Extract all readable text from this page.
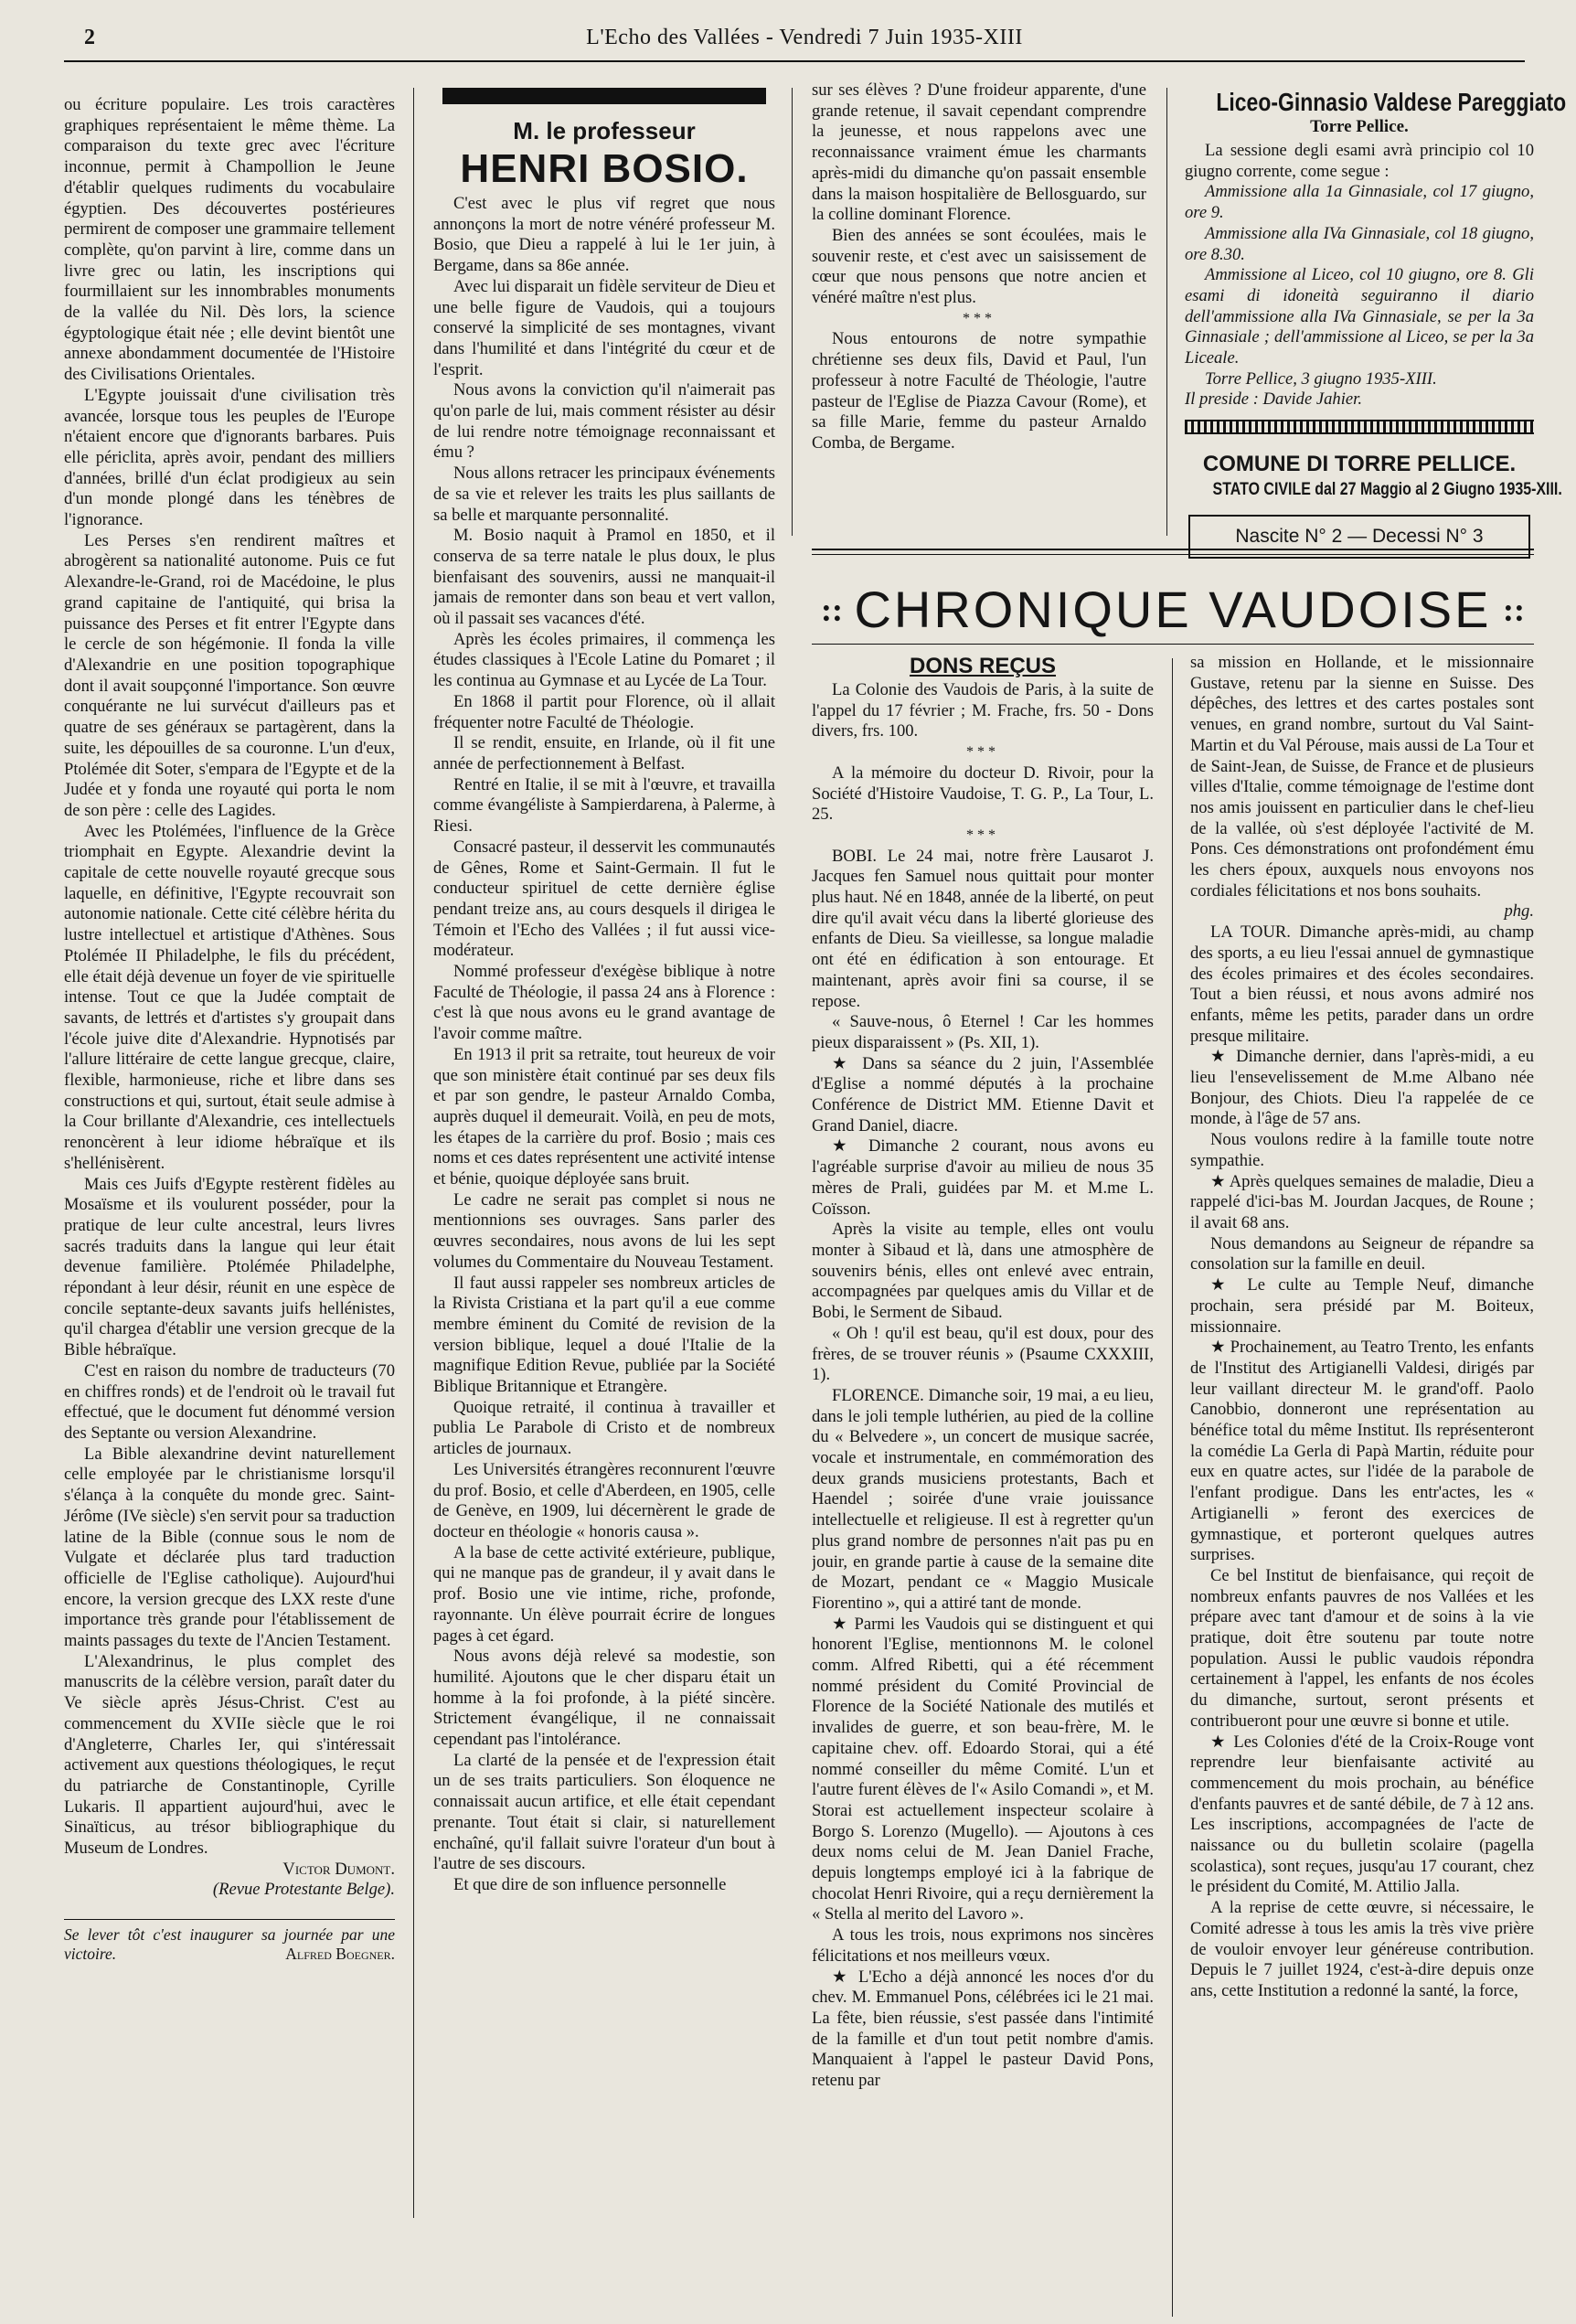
2	L'Echo des Vallées - Vendredi 7 Juin 1935-XIII

ou écriture populaire. Les trois caractères graphiques représentaient le même thème. La comparaison du texte grec avec l'écriture inconnue, permit à Champollion le Jeune d'établir quelques rudiments du vocabulaire égyptien. Des découvertes postérieures permirent de composer une grammaire tellement complète, qu'on parvint à lire, comme dans un livre grec ou latin, les inscriptions qui fourmillaient sur les innombrables monuments de la vallée du Nil. Dès lors, la science égyptologique était née ; elle devint bientôt une annexe abondamment documentée de l'Histoire des Civilisations Orientales.

L'Egypte jouissait d'une civilisation très avancée, lorsque tous les peuples de l'Europe n'étaient encore que d'ignorants barbares. Puis elle périclita, après avoir, pendant des milliers d'années, brillé d'un éclat prodigieux au sein d'un monde plongé dans les ténèbres de l'ignorance.

Les Perses s'en rendirent maîtres et abrogèrent sa nationalité autonome. Puis ce fut Alexandre-le-Grand, roi de Macédoine, le plus grand capitaine de l'antiquité, qui brisa la puissance des Perses et fit entrer l'Egypte dans le cercle de son hégémonie. Il fonda la ville d'Alexandrie en une position topographique dont il avait soupçonné l'importance. Son œuvre conquérante ne lui survécut d'ailleurs pas et quatre de ses généraux se partagèrent, dans la suite, les dépouilles de sa couronne. L'un d'eux, Ptolémée dit Soter, s'empara de l'Egypte et de la Judée et y fonda une royauté qui porta le nom de son père : celle des Lagides.

Avec les Ptolémées, l'influence de la Grèce triomphait en Egypte. Alexandrie devint la capitale de cette nouvelle royauté grecque sous laquelle, en définitive, l'Egypte recouvrait son autonomie nationale. Cette cité célèbre hérita du lustre intellectuel et artistique d'Athènes. Sous Ptolémée II Philadelphe, le fils du précédent, elle était déjà devenue un foyer de vie spirituelle intense. Tout ce que la Judée comptait de savants, de lettrés et d'artistes s'y groupait dans l'école juive dite d'Alexandrie. Hypnotisés par l'allure littéraire de cette langue grecque, claire, flexible, harmonieuse, riche et libre dans ses constructions et qui, surtout, était seule admise à la Cour brillante d'Alexandrie, ces intellectuels renoncèrent à leur idiome hébraïque et ils s'hellénisèrent.

Mais ces Juifs d'Egypte restèrent fidèles au Mosaïsme et ils voulurent posséder, pour la pratique de leur culte ancestral, leurs livres sacrés traduits dans la langue qui leur était devenue familière. Ptolémée Philadelphe, répondant à leur désir, réunit en une espèce de concile septante-deux savants juifs hellénistes, qu'il chargea d'établir une version grecque de la Bible hébraïque.

C'est en raison du nombre de traducteurs (70 en chiffres ronds) et de l'endroit où le travail fut effectué, que le document fut dénommé version des Septante ou version Alexandrine.

La Bible alexandrine devint naturellement celle employée par le christianisme lorsqu'il s'élança à la conquête du monde grec. Saint-Jérôme (IVe siècle) s'en servit pour sa traduction latine de la Bible (connue sous le nom de Vulgate et déclarée plus tard traduction officielle de l'Eglise catholique). Aujourd'hui encore, la version grecque des LXX reste d'une importance très grande pour l'établissement de maints passages du texte de l'Ancien Testament.

L'Alexandrinus, le plus complet des manuscrits de la célèbre version, paraît dater du Ve siècle après Jésus-Christ. C'est au commencement du XVIIe siècle que le roi d'Angleterre, Charles Ier, qui s'intéressait activement aux questions théologiques, le reçut du patriarche de Constantinople, Cyrille Lukaris. Il appartient aujourd'hui, avec le Sinaïticus, au trésor bibliographique du Museum de Londres.

Victor Dumont.

(Revue Protestante Belge).

Se lever tôt c'est inaugurer sa journée par une victoire.	Alfred Boegner.

M. le professeur

HENRI BOSIO.

C'est avec le plus vif regret que nous annonçons la mort de notre vénéré professeur M. Bosio, que Dieu a rappelé à lui le 1er juin, à Bergame, dans sa 86e année.

Avec lui disparait un fidèle serviteur de Dieu et une belle figure de Vaudois, qui a toujours conservé la simplicité de ses montagnes, vivant dans l'humilité et dans l'intégrité du cœur et de l'esprit.

Nous avons la conviction qu'il n'aimerait pas qu'on parle de lui, mais comment résister au désir de lui rendre notre témoignage reconnaissant et ému ?

Nous allons retracer les principaux événements de sa vie et relever les traits les plus saillants de sa belle et marquante personnalité.

M. Bosio naquit à Pramol en 1850, et il conserva de sa terre natale le plus doux, le plus bienfaisant des souvenirs, aussi ne manquait-il jamais de remonter dans son beau et vert vallon, où il passait ses vacances d'été.

Après les écoles primaires, il commença les études classiques à l'Ecole Latine du Pomaret ; il les continua au Gymnase et au Lycée de La Tour.

En 1868 il partit pour Florence, où il allait fréquenter notre Faculté de Théologie.

Il se rendit, ensuite, en Irlande, où il fit une année de perfectionnement à Belfast.

Rentré en Italie, il se mit à l'œuvre, et travailla comme évangéliste à Sampierdarena, à Palerme, à Riesi.

Consacré pasteur, il desservit les communautés de Gênes, Rome et Saint-Germain. Il fut le conducteur spirituel de cette dernière église pendant treize ans, au cours desquels il dirigea le Témoin et l'Echo des Vallées ; il fut aussi vice-modérateur.

Nommé professeur d'exégèse biblique à notre Faculté de Théologie, il passa 24 ans à Florence : c'est là que nous avons eu le grand avantage de l'avoir comme maître.

En 1913 il prit sa retraite, tout heureux de voir que son ministère était continué par ses deux fils et par son gendre, le pasteur Arnaldo Comba, auprès duquel il demeurait. Voilà, en peu de mots, les étapes de la carrière du prof. Bosio ; mais ces noms et ces dates représentent une activité intense et bénie, quoique déployée sans bruit.

Le cadre ne serait pas complet si nous ne mentionnions ses ouvrages. Sans parler des œuvres secondaires, nous avons de lui les sept volumes du Commentaire du Nouveau Testament.

Il faut aussi rappeler ses nombreux articles de la Rivista Cristiana et la part qu'il a eue comme membre éminent du Comité de revision de la version biblique, lequel a doué l'Italie de la magnifique Edition Revue, publiée par la Société Biblique Britannique et Etrangère.

Quoique retraité, il continua à travailler et publia Le Parabole di Cristo et de nombreux articles de journaux.

Les Universités étrangères reconnurent l'œuvre du prof. Bosio, et celle d'Aberdeen, en 1905, celle de Genève, en 1909, lui décernèrent le grade de docteur en théologie « honoris causa ».

A la base de cette activité extérieure, publique, qui ne manque pas de grandeur, il y avait dans le prof. Bosio une vie intime, riche, profonde, rayonnante. Un élève pourrait écrire de longues pages à cet égard.

Nous avons déjà relevé sa modestie, son humilité. Ajoutons que le cher disparu était un homme à la foi profonde, à la piété sincère. Strictement évangélique, il ne connaissait cependant pas l'intolérance.

La clarté de la pensée et de l'expression était un de ses traits particuliers. Son éloquence ne connaissait aucun artifice, et elle était cependant prenante. Tout était si clair, si naturellement enchaîné, qu'il fallait suivre l'orateur d'un bout à l'autre de ses discours.

Et que dire de son influence personnelle

sur ses élèves ? D'une froideur apparente, d'une grande retenue, il savait cependant comprendre la jeunesse, et nous rappelons avec une reconnaissance vraiment émue les charmants après-midi du dimanche qu'on passait ensemble dans la maison hospitalière de Bellosguardo, sur la colline dominant Florence.

Bien des années se sont écoulées, mais le souvenir reste, et c'est avec un saisissement de cœur que nous pensons que notre ancien et vénéré maître n'est plus.

***

Nous entourons de notre sympathie chrétienne ses deux fils, David et Paul, l'un professeur à notre Faculté de Théologie, l'autre pasteur de l'Eglise de Piazza Cavour (Rome), et sa fille Marie, femme du pasteur Arnaldo Comba, de Bergame.

Liceo-Ginnasio Valdese Pareggiato
Torre Pellice.

La sessione degli esami avrà principio col 10 giugno corrente, come segue :

Ammissione alla 1a Ginnasiale, col 17 giugno, ore 9.

Ammissione alla IVa Ginnasiale, col 18 giugno, ore 8.30.

Ammissione al Liceo, col 10 giugno, ore 8. Gli esami di idoneità seguiranno il diario dell'ammissione alla IVa Ginnasiale, se per la 3a Ginnasiale ; dell'ammissione al Liceo, se per la 3a Liceale.

Torre Pellice, 3 giugno 1935-XIII.

Il preside : Davide Jahier.

COMUNE DI TORRE PELLICE.
STATO CIVILE dal 27 Maggio al 2 Giugno 1935-XIII.
Nascite N° 2 — Decessi N° 3
:: CHRONIQUE VAUDOISE ::

DONS REÇUS

La Colonie des Vaudois de Paris, à la suite de l'appel du 17 février ; M. Frache, frs. 50 - Dons divers, frs. 100.

***

A la mémoire du docteur D. Rivoir, pour la Société d'Histoire Vaudoise, T. G. P., La Tour, L. 25.

***

BOBI. Le 24 mai, notre frère Lausarot J. Jacques fen Samuel nous quittait pour monter plus haut. Né en 1848, année de la liberté, on peut dire qu'il avait vécu dans la liberté glorieuse des enfants de Dieu. Sa vieillesse, sa longue maladie ont été en édification à son entourage. Et maintenant, après avoir fini sa course, il se repose.

« Sauve-nous, ô Eternel ! Car les hommes pieux disparaissent » (Ps. XII, 1).

★ Dans sa séance du 2 juin, l'Assemblée d'Eglise a nommé députés à la prochaine Conférence de District MM. Etienne Davit et Grand Daniel, diacre.

★ Dimanche 2 courant, nous avons eu l'agréable surprise d'avoir au milieu de nous 35 mères de Prali, guidées par M. et M.me L. Coïsson.

Après la visite au temple, elles ont voulu monter à Sibaud et là, dans une atmosphère de souvenirs bénis, elles ont enlevé avec entrain, accompagnées par quelques amis du Villar et de Bobi, le Serment de Sibaud.

« Oh ! qu'il est beau, qu'il est doux, pour des frères, de se trouver réunis » (Psaume CXXXIII, 1).

FLORENCE. Dimanche soir, 19 mai, a eu lieu, dans le joli temple luthérien, au pied de la colline du « Belvedere », un concert de musique sacrée, vocale et instrumentale, en commémoration des deux grands musiciens protestants, Bach et Haendel ; soirée d'une vraie jouissance intellectuelle et religieuse. Il est à regretter qu'un plus grand nombre de personnes n'ait pas pu en jouir, en grande partie à cause de la semaine dite de Mozart, pendant ce « Maggio Musicale Fiorentino », qui a attiré tant de monde.

★ Parmi les Vaudois qui se distinguent et qui honorent l'Eglise, mentionnons M. le colonel comm. Alfred Ribetti, qui a été récemment nommé président du Comité Provincial de Florence de la Société Nationale des mutilés et invalides de guerre, et son beau-frère, M. le capitaine chev. off. Edoardo Storai, qui a été nommé conseiller du même Comité. L'un et l'autre furent élèves de l'« Asilo Comandi », et M. Storai est actuellement inspecteur scolaire à Borgo S. Lorenzo (Mugello). — Ajoutons à ces deux noms celui de M. Jean Daniel Frache, depuis longtemps employé ici à la fabrique de chocolat Henri Rivoire, qui a reçu dernièrement la « Stella al merito del Lavoro ».

A tous les trois, nous exprimons nos sincères félicitations et nos meilleurs vœux.

★ L'Echo a déjà annoncé les noces d'or du chev. M. Emmanuel Pons, célébrées ici le 21 mai. La fête, bien réussie, s'est passée dans l'intimité de la famille et d'un tout petit nombre d'amis. Manquaient à l'appel le pasteur David Pons, retenu par

sa mission en Hollande, et le missionnaire Gustave, retenu par la sienne en Suisse. Des dépêches, des lettres et des cartes postales sont venues, en grand nombre, surtout du Val Saint-Martin et du Val Pérouse, mais aussi de La Tour et de Saint-Jean, de Suisse, de France et de plusieurs villes d'Italie, comme témoignage de l'estime dont nos amis jouissent en particulier dans le chef-lieu de la vallée, où s'est déployée l'activité de M. Pons. Ces démonstrations ont profondément ému les chers époux, auxquels nous envoyons nos cordiales félicitations et nos bons souhaits.

phg.

LA TOUR. Dimanche après-midi, au champ des sports, a eu lieu l'essai annuel de gymnastique des écoles primaires et des écoles secondaires. Tout a bien réussi, et nous avons admiré nos enfants, même les petits, parader dans un ordre presque militaire.

★ Dimanche dernier, dans l'après-midi, a eu lieu l'ensevelissement de M.me Albano née Bonjour, des Chiots. Dieu l'a rappelée de ce monde, à l'âge de 57 ans.

Nous voulons redire à la famille toute notre sympathie.

★ Après quelques semaines de maladie, Dieu a rappelé d'ici-bas M. Jourdan Jacques, de Roune ; il avait 68 ans.

Nous demandons au Seigneur de répandre sa consolation sur la famille en deuil.

★ Le culte au Temple Neuf, dimanche prochain, sera présidé par M. Boiteux, missionnaire.

★ Prochainement, au Teatro Trento, les enfants de l'Institut des Artigianelli Valdesi, dirigés par leur vaillant directeur M. le grand'off. Paolo Canobbio, donneront une représentation au bénéfice total du même Institut. Ils représenteront la comédie La Gerla di Papà Martin, réduite pour eux en quatre actes, sur l'idée de la parabole de l'enfant prodigue. Dans les entr'actes, les « Artigianelli » feront des exercices de gymnastique, et porteront quelques autres surprises.

Ce bel Institut de bienfaisance, qui reçoit de nombreux enfants pauvres de nos Vallées et les prépare avec tant d'amour et de soins à la vie pratique, doit être soutenu par toute notre population. Aussi le public vaudois répondra certainement à l'appel, les enfants de nos écoles du dimanche, surtout, seront présents et contribueront pour une œuvre si bonne et utile.

★ Les Colonies d'été de la Croix-Rouge vont reprendre leur bienfaisante activité au commencement du mois prochain, au bénéfice d'enfants pauvres et de santé débile, de 7 à 12 ans. Les inscriptions, accompagnées de l'acte de naissance ou du bulletin scolaire (pagella scolastica), sont reçues, jusqu'au 17 courant, chez le président du Comité, M. Attilio Jalla.

A la reprise de cette œuvre, si nécessaire, le Comité adresse à tous les amis la très vive prière de vouloir envoyer leur généreuse contribution. Depuis le 7 juillet 1924, c'est-à-dire depuis onze ans, cette Institution a redonné la santé, la force,
